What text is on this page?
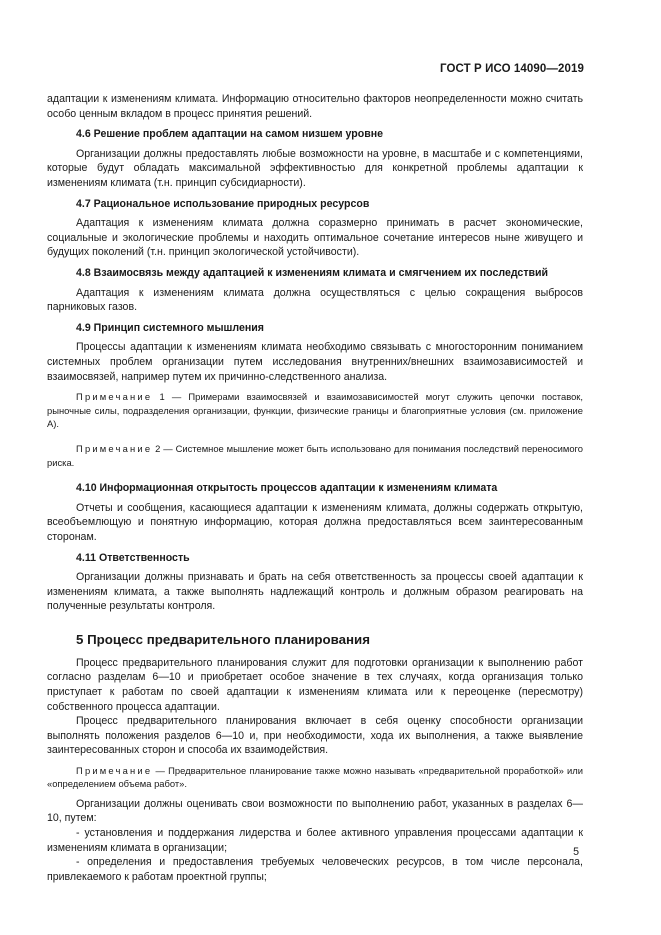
ГОСТ Р ИСО 14090—2019

адаптации к изменениям климата. Информацию относительно факторов неопределенности можно считать особо ценным вкладом в процесс принятия решений.

4.6 Решение проблем адаптации на самом низшем уровне

Организации должны предоставлять любые возможности на уровне, в масштабе и с компетенциями, которые будут обладать максимальной эффективностью для конкретной проблемы адаптации к изменениям климата (т.н. принцип субсидиарности).

4.7 Рациональное использование природных ресурсов

Адаптация к изменениям климата должна соразмерно принимать в расчет экономические, социальные и экологические проблемы и находить оптимальное сочетание интересов ныне живущего и будущих поколений (т.н. принцип экологической устойчивости).

4.8 Взаимосвязь между адаптацией к изменениям климата и смягчением их последствий

Адаптация к изменениям климата должна осуществляться с целью сокращения выбросов парниковых газов.

4.9 Принцип системного мышления

Процессы адаптации к изменениям климата необходимо связывать с многосторонним пониманием системных проблем организации путем исследования внутренних/внешних взаимозависимостей и взаимосвязей, например путем их причинно-следственного анализа.

Примечание 1 — Примерами взаимосвязей и взаимозависимостей могут служить цепочки поставок, рыночные силы, подразделения организации, функции, физические границы и благоприятные условия (см. приложение А).

Примечание 2 — Системное мышление может быть использовано для понимания последствий переносимого риска.

4.10 Информационная открытость процессов адаптации к изменениям климата

Отчеты и сообщения, касающиеся адаптации к изменениям климата, должны содержать открытую, всеобъемлющую и понятную информацию, которая должна предоставляться всем заинтересованным сторонам.

4.11 Ответственность

Организации должны признавать и брать на себя ответственность за процессы своей адаптации к изменениям климата, а также выполнять надлежащий контроль и должным образом реагировать на полученные результаты контроля.

5 Процесс предварительного планирования

Процесс предварительного планирования служит для подготовки организации к выполнению работ согласно разделам 6—10 и приобретает особое значение в тех случаях, когда организация только приступает к работам по своей адаптации к изменениям климата или к переоценке (пересмотру) собственного процесса адаптации.

Процесс предварительного планирования включает в себя оценку способности организации выполнять положения разделов 6—10 и, при необходимости, хода их выполнения, а также выявление заинтересованных сторон и способа их взаимодействия.

Примечание — Предварительное планирование также можно называть «предварительной проработкой» или «определением объема работ».

Организации должны оценивать свои возможности по выполнению работ, указанных в разделах 6—10, путем:

- установления и поддержания лидерства и более активного управления процессами адаптации к изменениям климата в организации;

- определения и предоставления требуемых человеческих ресурсов, в том числе персонала, привлекаемого к работам проектной группы;

5
